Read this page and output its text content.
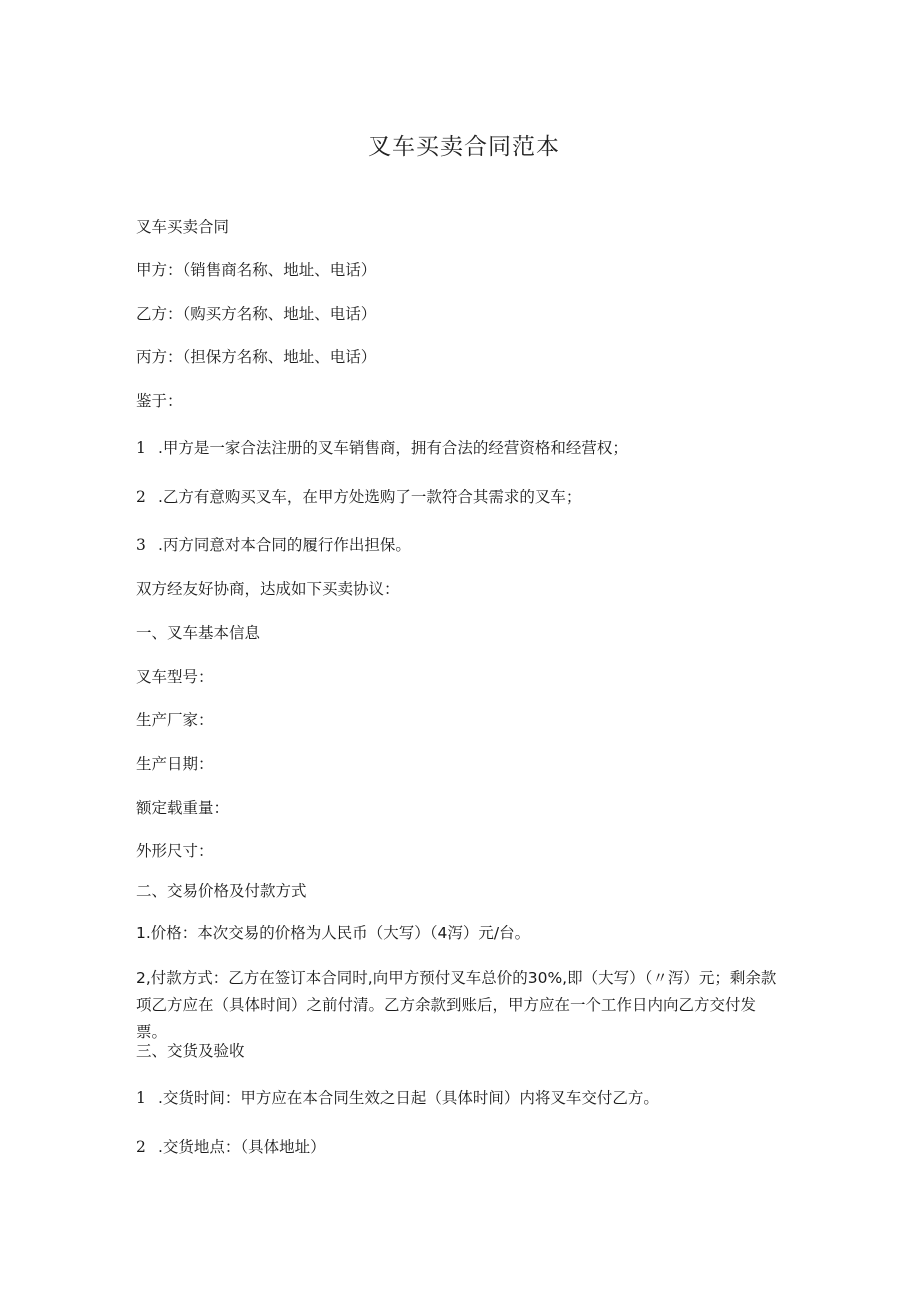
叉车买卖合同范本
叉车买卖合同
甲方：（销售商名称、地址、电话）
乙方：（购买方名称、地址、电话）
丙方：（担保方名称、地址、电话）
鉴于：
1 .甲方是一家合法注册的叉车销售商，拥有合法的经营资格和经营权；
2 .乙方有意购买叉车，在甲方处选购了一款符合其需求的叉车；
3 .丙方同意对本合同的履行作出担保。
双方经友好协商，达成如下买卖协议：
一、叉车基本信息
叉车型号：
生产厂家：
生产日期：
额定载重量：
外形尺寸：
二、交易价格及付款方式
1.价格：本次交易的价格为人民币（大写）（4泻）元/台。
2,付款方式：乙方在签订本合同时,向甲方预付叉车总价的30%,即（大写）（〃泻）元；剩余款项乙方应在（具体时间）之前付清。乙方余款到账后，甲方应在一个工作日内向乙方交付发票。
三、交货及验收
1 .交货时间：甲方应在本合同生效之日起（具体时间）内将叉车交付乙方。
2 .交货地点：（具体地址）
